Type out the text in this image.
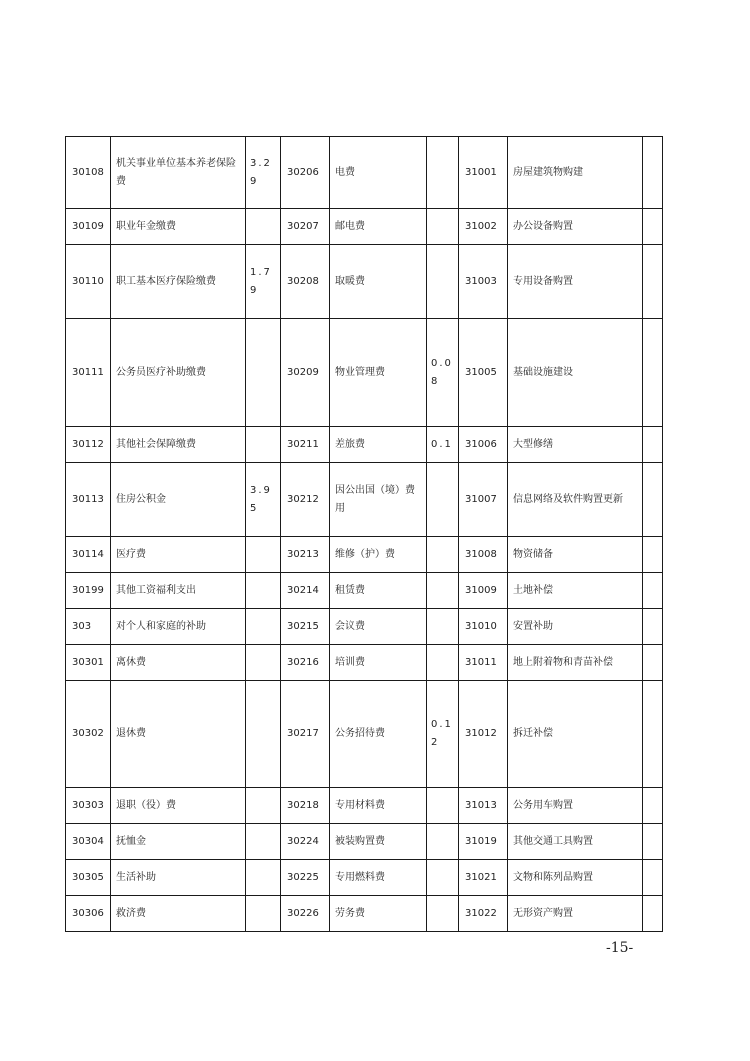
30108	机关事业单位基本养老保险费	3.29	30206	电费		31001	房屋建筑物购建	
30109	职业年金缴费		30207	邮电费		31002	办公设备购置	
30110	职工基本医疗保险缴费	1.79	30208	取暖费		31003	专用设备购置	
30111	公务员医疗补助缴费		30209	物业管理费	0.08	31005	基础设施建设	
30112	其他社会保障缴费		30211	差旅费	0.1	31006	大型修缮	
30113	住房公积金	3.95	30212	因公出国（境）费用		31007	信息网络及软件购置更新	
30114	医疗费		30213	维修（护）费		31008	物资储备	
30199	其他工资福利支出		30214	租赁费		31009	土地补偿	
303	对个人和家庭的补助		30215	会议费		31010	安置补助	
30301	离休费		30216	培训费		31011	地上附着物和青苗补偿	
30302	退休费		30217	公务招待费	0.12	31012	拆迁补偿	
30303	退职（役）费		30218	专用材料费		31013	公务用车购置	
30304	抚恤金		30224	被装购置费		31019	其他交通工具购置	
30305	生活补助		30225	专用燃料费		31021	文物和陈列品购置	
30306	救济费		30226	劳务费		31022	无形资产购置	
-15-
